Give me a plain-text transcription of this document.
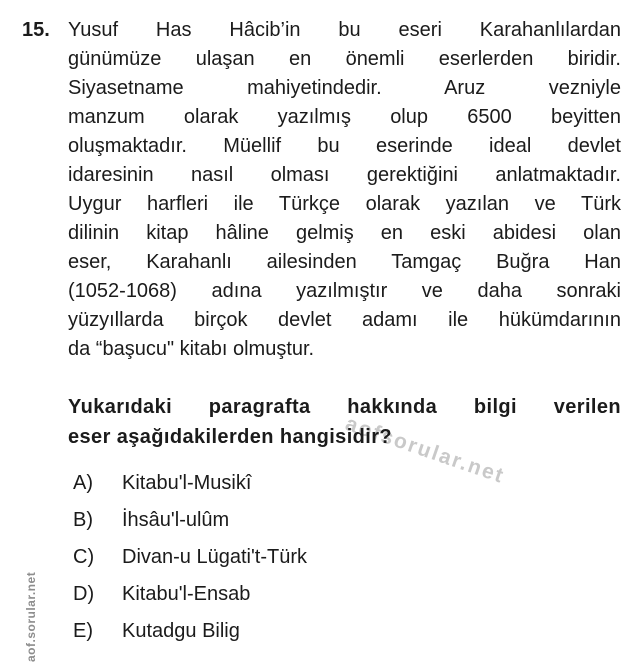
aofsorular.net
aof.sorular.net
15. Yusuf Has Hâcib’in bu eseri Karahanlılardan
günümüze ulaşan en önemli eserlerden biridir.
Siyasetname mahiyetindedir. Aruz vezniyle
manzum olarak yazılmış olup 6500 beyitten
oluşmaktadır. Müellif bu eserinde ideal devlet
idaresinin nasıl olması gerektiğini anlatmaktadır.
Uygur harfleri ile Türkçe olarak yazılan ve Türk
dilinin kitap hâline gelmiş en eski abidesi olan
eser, Karahanlı ailesinden Tamgaç Buğra Han
(1052-1068) adına yazılmıştır ve daha sonraki
yüzyıllarda birçok devlet adamı ile hükümdarının
da “başucu" kitabı olmuştur.
Yukarıdaki paragrafta hakkında bilgi verilen
eser aşağıdakilerden hangisidir?
A)	Kitabu'l-Musikî
B)	İhsâu'l-ulûm
C)	Divan-u Lügati't-Türk
D)	Kitabu'l-Ensab
E)	Kutadgu Bilig
